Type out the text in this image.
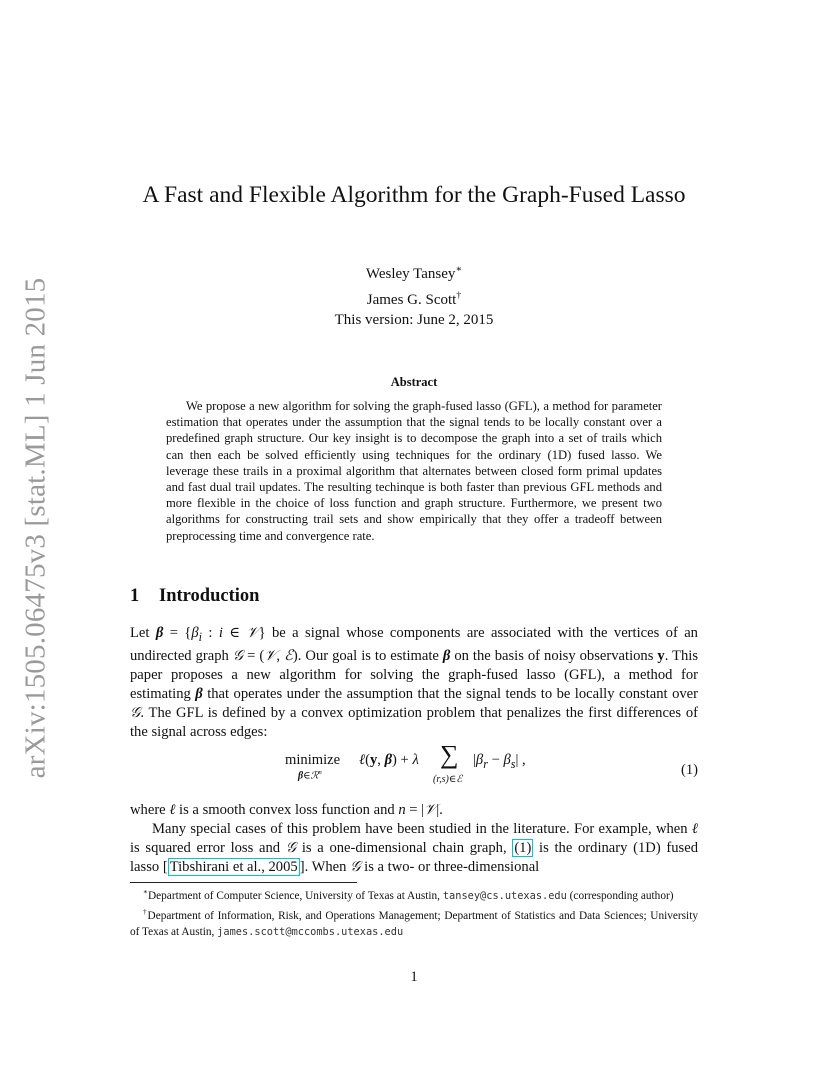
arXiv:1505.06475v3 [stat.ML] 1 Jun 2015
A Fast and Flexible Algorithm for the Graph-Fused Lasso
Wesley Tansey∗
James G. Scott†
This version: June 2, 2015
Abstract

We propose a new algorithm for solving the graph-fused lasso (GFL), a method for parameter estimation that operates under the assumption that the signal tends to be locally constant over a predefined graph structure. Our key insight is to decompose the graph into a set of trails which can then each be solved efficiently using techniques for the ordinary (1D) fused lasso. We leverage these trails in a proximal algorithm that alternates between closed form primal updates and fast dual trail updates. The resulting techinque is both faster than previous GFL methods and more flexible in the choice of loss function and graph structure. Furthermore, we present two algorithms for constructing trail sets and show empirically that they offer a tradeoff between preprocessing time and convergence rate.

1 Introduction

Let $\beta = \{\beta_i$ : i ∈ 𝒱} be a signal whose components are associated with the vertices of an undirected graph 𝒢 = (𝒱, ℰ). Our goal is to estimate β on the basis of noisy observations y. This paper proposes a new algorithm for solving the graph-fused lasso (GFL), a method for estimating β that operates under the assumption that the signal tends to be locally constant over 𝒢. The GFL is defined by a convex optimization problem that penalizes the first differences of the signal across edges:

minimize
β∈ℛ$^n$
ℓ(y, β) + λ ∑
(r,s)∈ℰ
$|\beta_r - \beta_s|$ ,
(1)

where ℓ is a smooth convex loss function and n = |𝒱|.

Many special cases of this problem have been studied in the literature. For example, when ℓ is squared error loss and 𝒢 is a one-dimensional chain graph, (1) is the ordinary (1D) fused lasso [ Tibshirani et al., 2005 ]. When 𝒢 is a two- or three-dimensional

∗Department of Computer Science, University of Texas at Austin, tansey@cs.utexas.edu (corresponding author)

†Department of Information, Risk, and Operations Management; Department of Statistics and Data Sciences; University of Texas at Austin, james.scott@mccombs.utexas.edu

1
